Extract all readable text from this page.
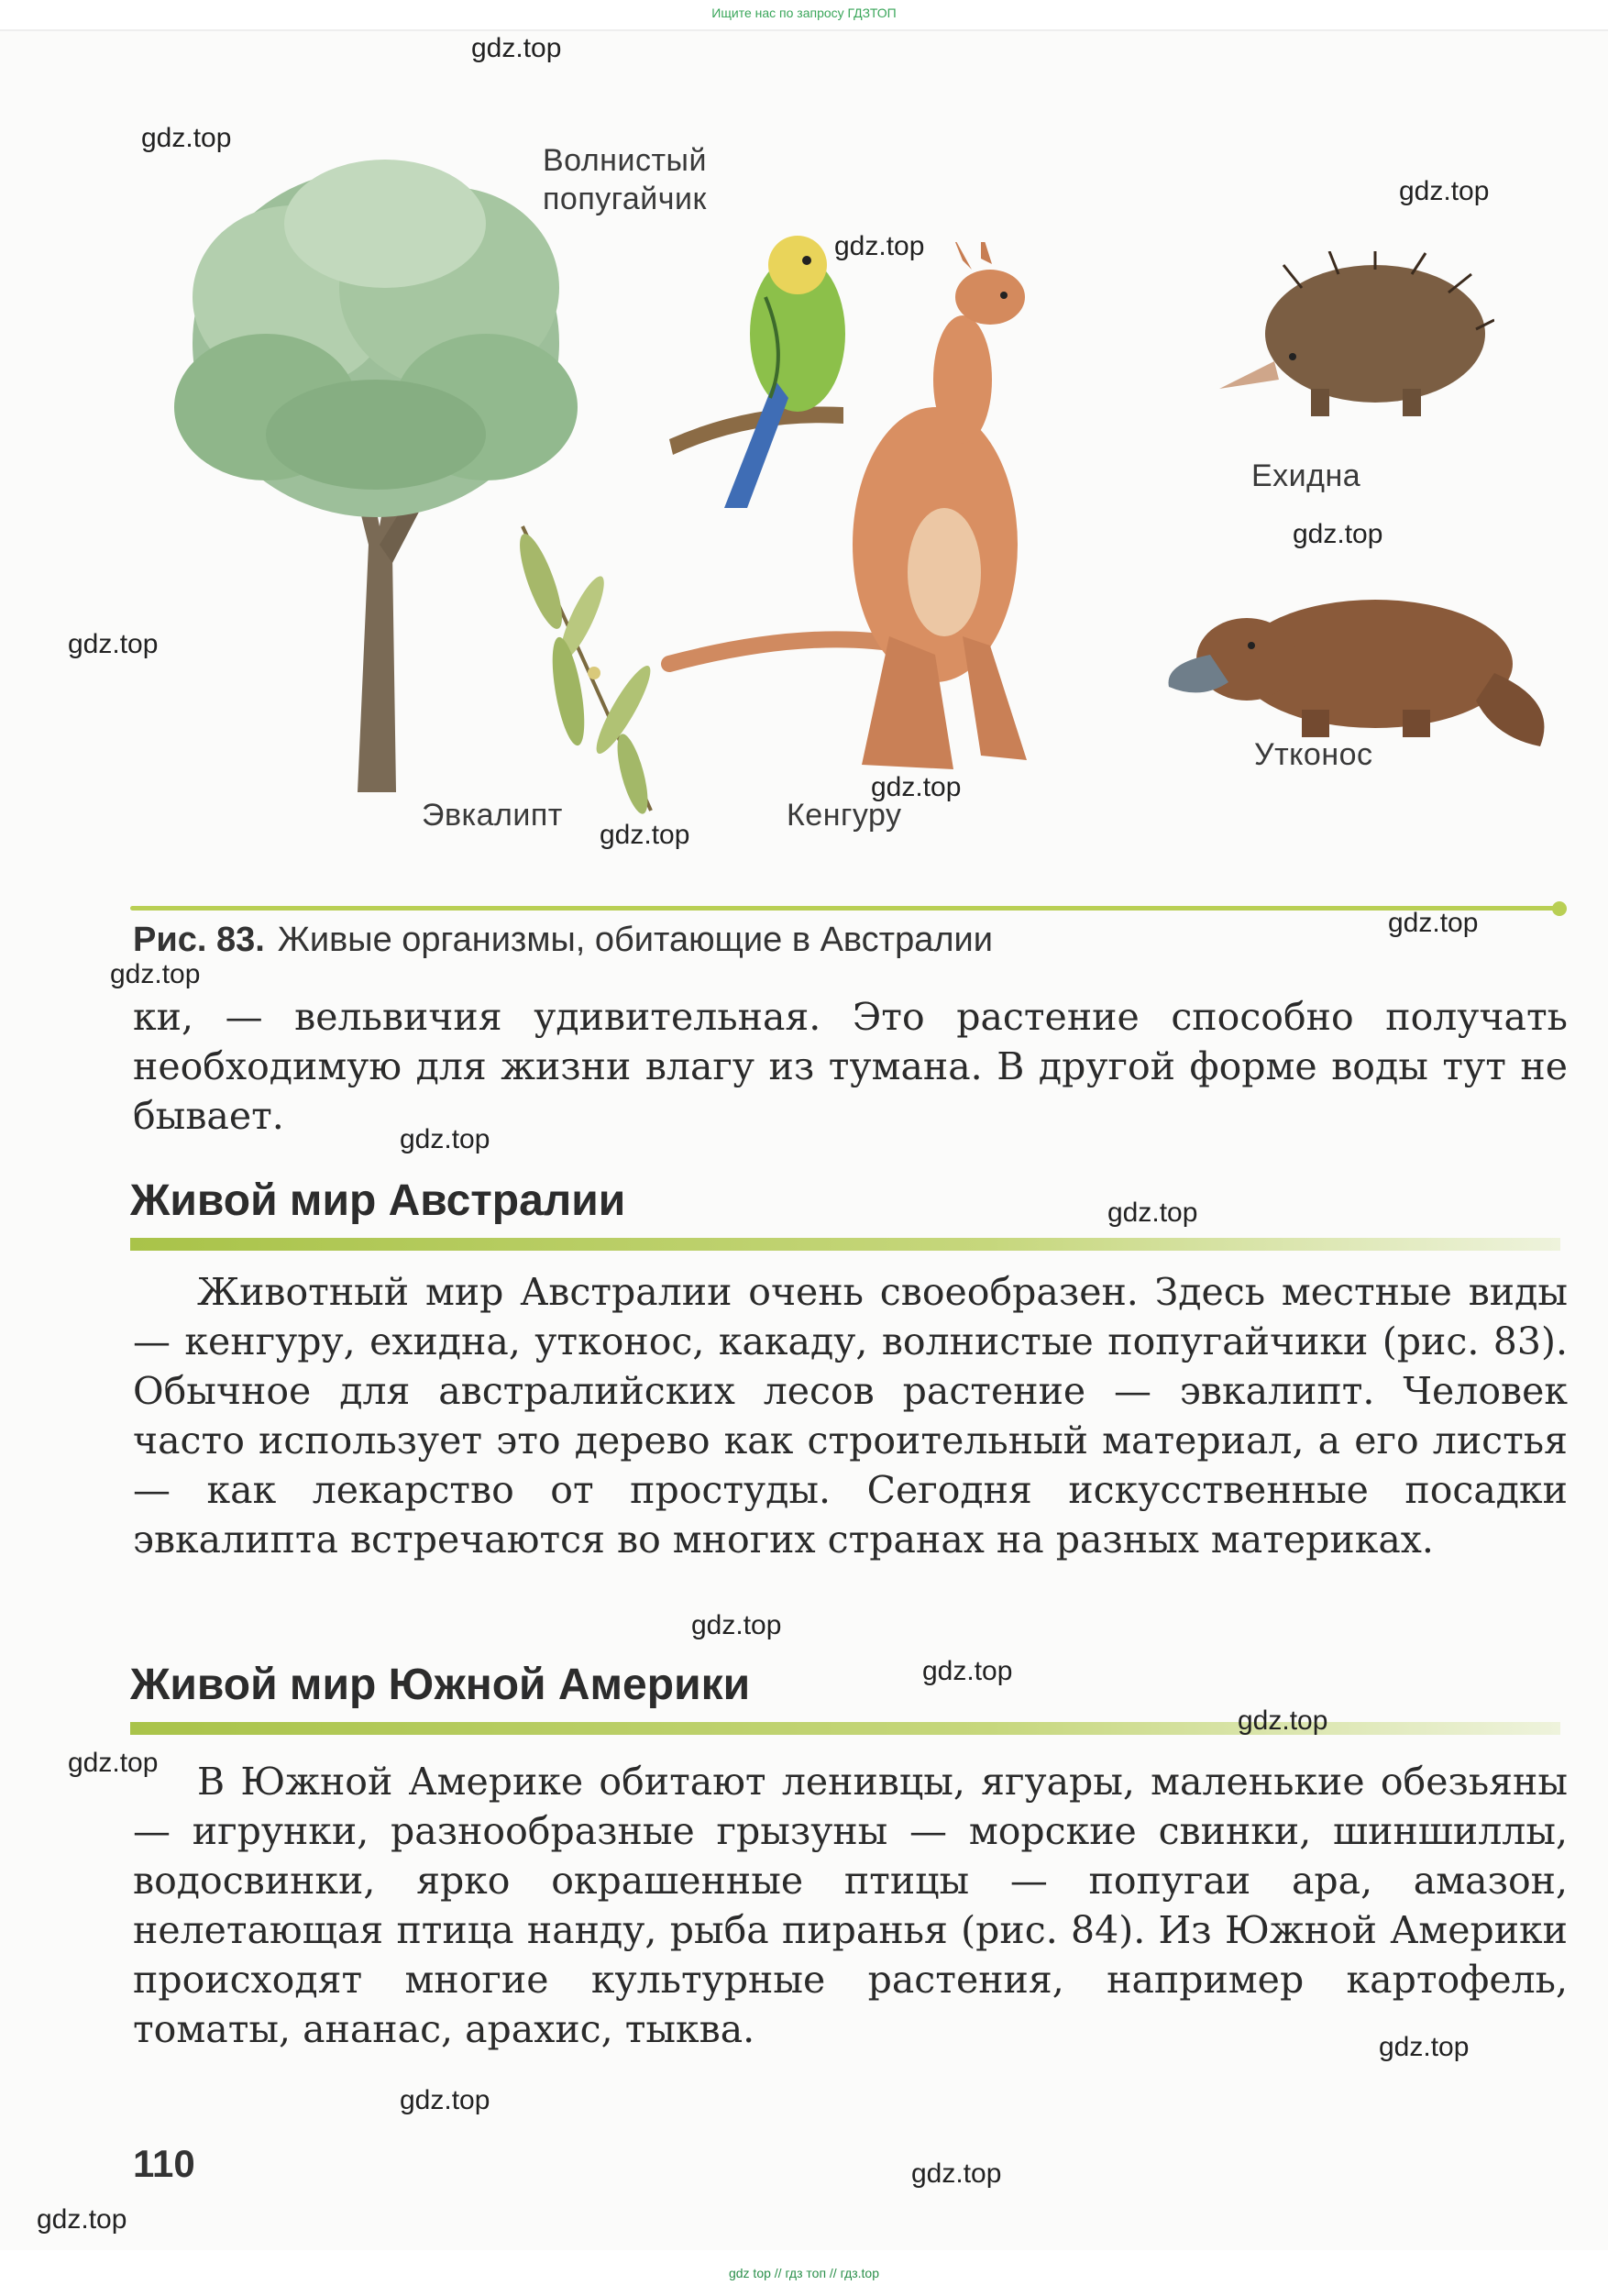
Ищите нас по запросу ГДЗТОП
Волнистый
попугайчик
Ехидна
Утконос
Эвкалипт	Кенгуру
Рис. 83. Живые организмы, обитающие в Австралии

ки, — вельвичия удивительная. Это растение способно получать необходимую для жизни влагу из тумана. В другой форме воды тут не бывает.

Живой мир Австралии

Животный мир Австралии очень своеобразен. Здесь местные виды — кенгуру, ехидна, утконос, какаду, волнистые попугайчики (рис. 83). Обычное для австралийских лесов растение — эвкалипт. Человек часто использует это дерево как строительный материал, а его листья — как лекарство от простуды. Сегодня искусственные посадки эвкалипта встречаются во многих странах на разных материках.

Живой мир Южной Америки

В Южной Америке обитают ленивцы, ягуары, маленькие обезьяны — игрунки, разнообразные грызуны — морские свинки, шиншиллы, водосвинки, ярко окрашенные птицы — попугаи ара, амазон, нелетающая птица нанду, рыба пиранья (рис. 84). Из Южной Америки происходят многие культурные растения, например картофель, томаты, ананас, арахис, тыква.

110
gdz.top
gdz.top
gdz.top
gdz.top
gdz.top
gdz.top
gdz.top
gdz.top
gdz.top
gdz.top
gdz.top
gdz.top
gdz.top
gdz.top
gdz.top
gdz.top
gdz.top
gdz.top
gdz.top
gdz.top
gdz top // гдз топ // гдз.top
